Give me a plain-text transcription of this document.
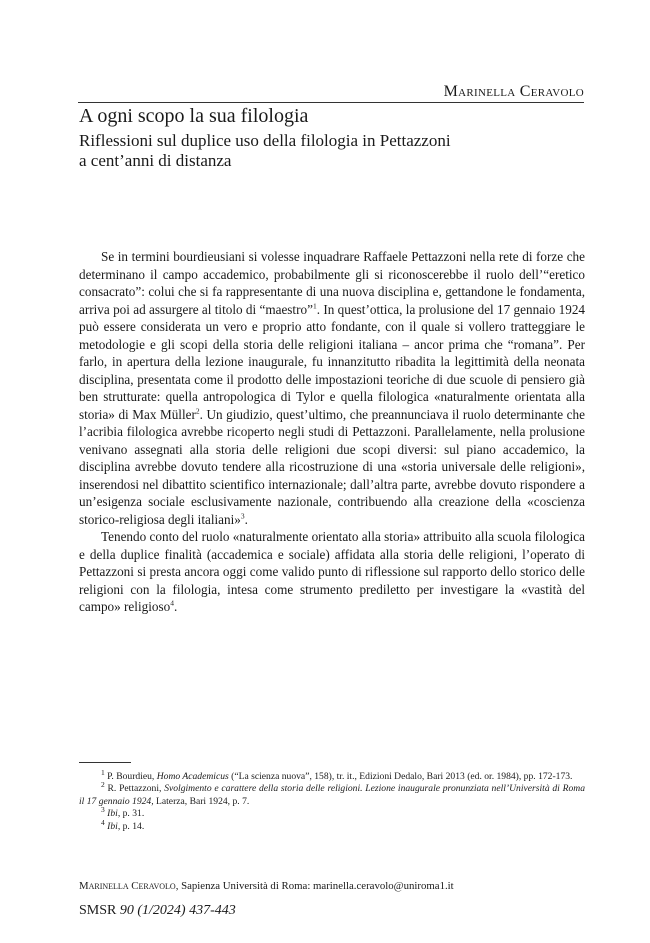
Marinella Ceravolo
A ogni scopo la sua filologia
Riflessioni sul duplice uso della filologia in Pettazzoni
a cent’anni di distanza

Se in termini bourdieusiani si volesse inquadrare Raffaele Pettazzoni nella rete di forze che determinano il campo accademico, probabilmente gli si riconoscerebbe il ruolo dell’“eretico consacrato”: colui che si fa rappresentante di una nuova disciplina e, gettandone le fondamenta, arriva poi ad assurgere al titolo di “maestro”$^1$. In quest’ottica, la prolusione del 17 gennaio 1924 può essere considerata un vero e proprio atto fondante, con il quale si vollero tratteggiare le metodologie e gli scopi della storia delle religioni italiana – ancor prima che “romana”. Per farlo, in apertura della lezione inaugurale, fu innanzitutto ribadita la legittimità della neonata disciplina, presentata come il prodotto delle impostazioni teoriche di due scuole di pensiero già ben strutturate: quella antropologica di Tylor e quella filologica «naturalmente orientata alla storia» di Max Müller$^2$. Un giudizio, quest’ultimo, che preannunciava il ruolo determinante che l’acribia filologica avrebbe ricoperto negli studi di Pettazzoni. Parallelamente, nella prolusione venivano assegnati alla storia delle religioni due scopi diversi: sul piano accademico, la disciplina avrebbe dovuto tendere alla ricostruzione di una «storia universale delle religioni», inserendosi nel dibattito scientifico internazionale; dall’altra parte, avrebbe dovuto rispondere a un’esigenza sociale esclusivamente nazionale, contribuendo alla creazione della «coscienza storico-religiosa degli italiani»$^3$.

Tenendo conto del ruolo «naturalmente orientato alla storia» attribuito alla scuola filologica e della duplice finalità (accademica e sociale) affidata alla storia delle religioni, l’operato di Pettazzoni si presta ancora oggi come valido punto di riflessione sul rapporto dello storico delle religioni con la filologia, intesa come strumento prediletto per investigare la «vastità del campo» religioso$^4$.

$^1$ P. Bourdieu, Homo Academicus (“La scienza nuova”, 158), tr. it., Edizioni Dedalo, Bari 2013 (ed. or. 1984), pp. 172-173.
$^2$ R. Pettazzoni, Svolgimento e carattere della storia delle religioni. Lezione inaugurale pronunziata nell’Università di Roma il 17 gennaio 1924, Laterza, Bari 1924, p. 7.
$^3$ Ibi, p. 31.
$^4$ Ibi, p. 14.
Marinella Ceravolo, Sapienza Università di Roma: marinella.ceravolo@uniroma1.it
SMSR 90 (1/2024) 437-443
